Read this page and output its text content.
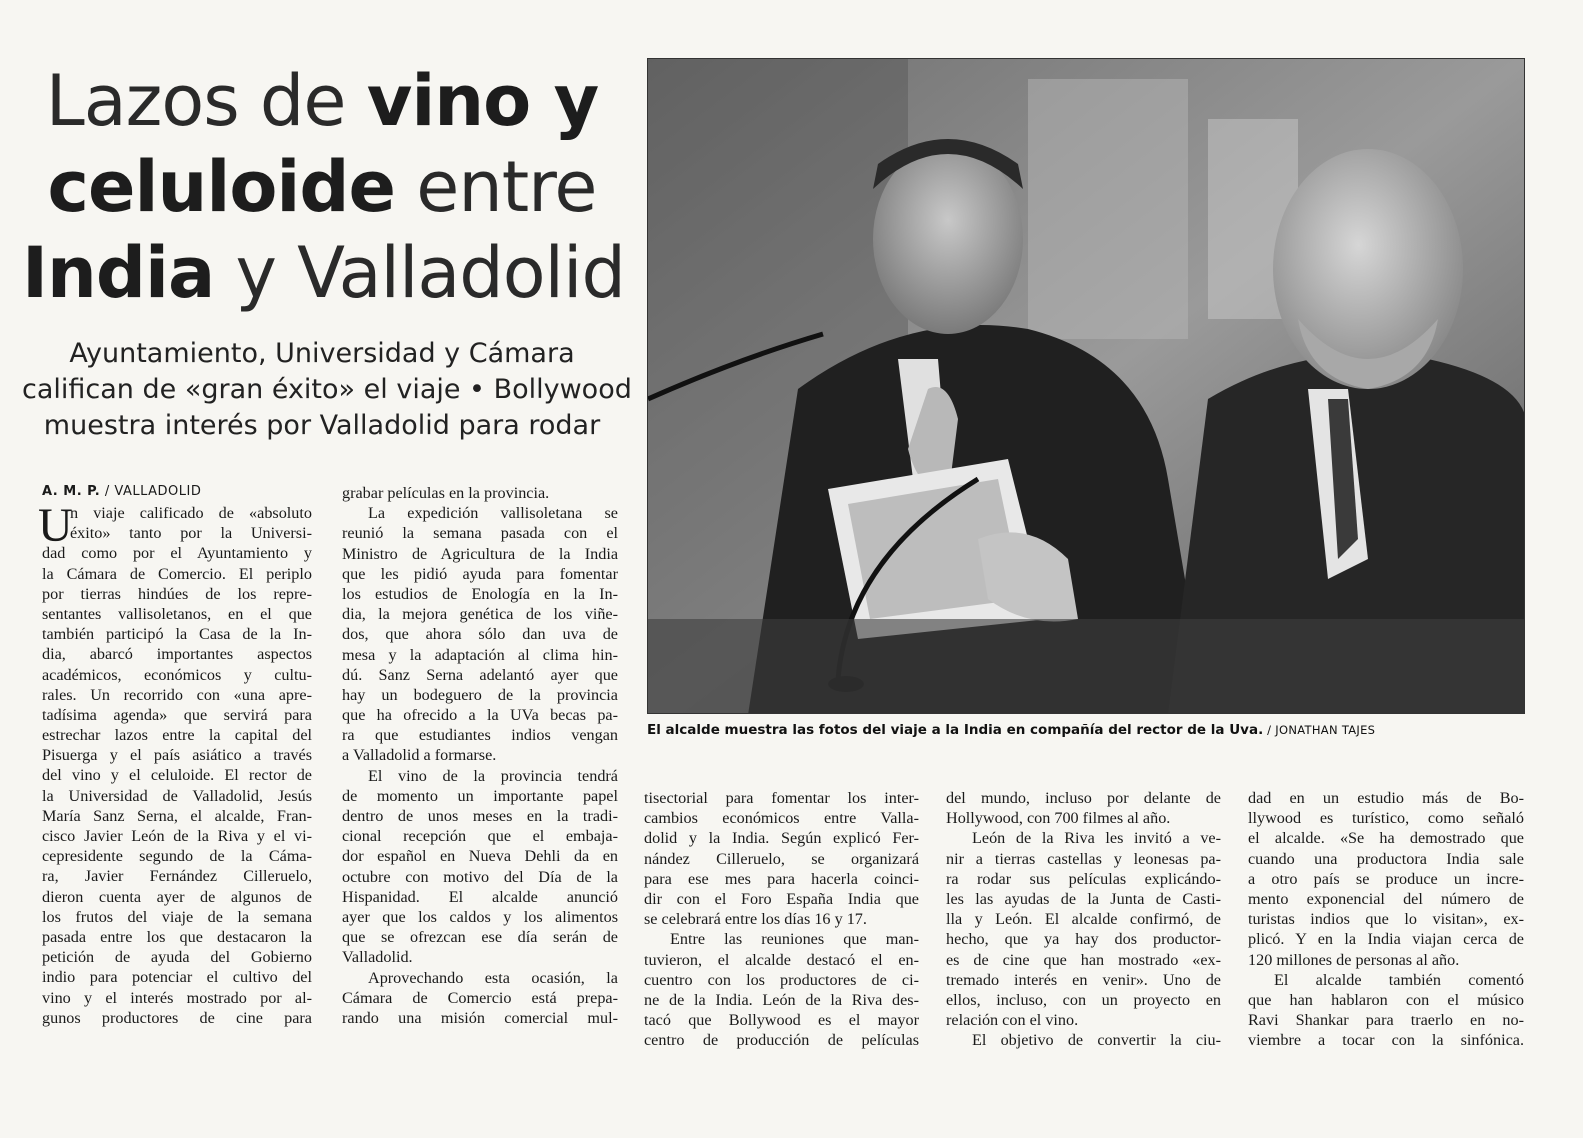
Lazos de vino y
celuloide entre
India y Valladolid
Ayuntamiento, Universidad y Cámara
califican de «gran éxito» el viaje • Bollywood
muestra interés por Valladolid para rodar
El alcalde muestra las fotos del viaje a la India en compañía del rector de la Uva. / JONATHAN TAJES
A. M. P. / VALLADOLID
U
n viaje calificado de «absoluto
éxito» tanto por la Universi-
dad como por el Ayuntamiento y
la Cámara de Comercio. El periplo
por tierras hindúes de los repre-
sentantes vallisoletanos, en el que
también participó la Casa de la In-
dia, abarcó importantes aspectos
académicos, económicos y cultu-
rales. Un recorrido con «una apre-
tadísima agenda» que servirá para
estrechar lazos entre la capital del
Pisuerga y el país asiático a través
del vino y el celuloide. El rector de
la Universidad de Valladolid, Jesús
María Sanz Serna, el alcalde, Fran-
cisco Javier León de la Riva y el vi-
cepresidente segundo de la Cáma-
ra, Javier Fernández Cilleruelo,
dieron cuenta ayer de algunos de
los frutos del viaje de la semana
pasada entre los que destacaron la
petición de ayuda del Gobierno
indio para potenciar el cultivo del
vino y el interés mostrado por al-
gunos productores de cine para
grabar películas en la provincia.
La expedición vallisoletana se
reunió la semana pasada con el
Ministro de Agricultura de la India
que les pidió ayuda para fomentar
los estudios de Enología en la In-
dia, la mejora genética de los viñe-
dos, que ahora sólo dan uva de
mesa y la adaptación al clima hin-
dú. Sanz Serna adelantó ayer que
hay un bodeguero de la provincia
que ha ofrecido a la UVa becas pa-
ra que estudiantes indios vengan
a Valladolid a formarse.
El vino de la provincia tendrá
de momento un importante papel
dentro de unos meses en la tradi-
cional recepción que el embaja-
dor español en Nueva Dehli da en
octubre con motivo del Día de la
Hispanidad. El alcalde anunció
ayer que los caldos y los alimentos
que se ofrezcan ese día serán de
Valladolid.
Aprovechando esta ocasión, la
Cámara de Comercio está prepa-
rando una misión comercial mul-
tisectorial para fomentar los inter-
cambios económicos entre Valla-
dolid y la India. Según explicó Fer-
nández Cilleruelo, se organizará
para ese mes para hacerla coinci-
dir con el Foro España India que
se celebrará entre los días 16 y 17.
Entre las reuniones que man-
tuvieron, el alcalde destacó el en-
cuentro con los productores de ci-
ne de la India. León de la Riva des-
tacó que Bollywood es el mayor
centro de producción de películas
del mundo, incluso por delante de
Hollywood, con 700 filmes al año.
León de la Riva les invitó a ve-
nir a tierras castellas y leonesas pa-
ra rodar sus películas explicándo-
les las ayudas de la Junta de Casti-
lla y León. El alcalde confirmó, de
hecho, que ya hay dos productor-
es de cine que han mostrado «ex-
tremado interés en venir». Uno de
ellos, incluso, con un proyecto en
relación con el vino.
El objetivo de convertir la ciu-
dad en un estudio más de Bo-
llywood es turístico, como señaló
el alcalde. «Se ha demostrado que
cuando una productora India sale
a otro país se produce un incre-
mento exponencial del número de
turistas indios que lo visitan», ex-
plicó. Y en la India viajan cerca de
120 millones de personas al año.
El alcalde también comentó
que han hablaron con el músico
Ravi Shankar para traerlo en no-
viembre a tocar con la sinfónica.
